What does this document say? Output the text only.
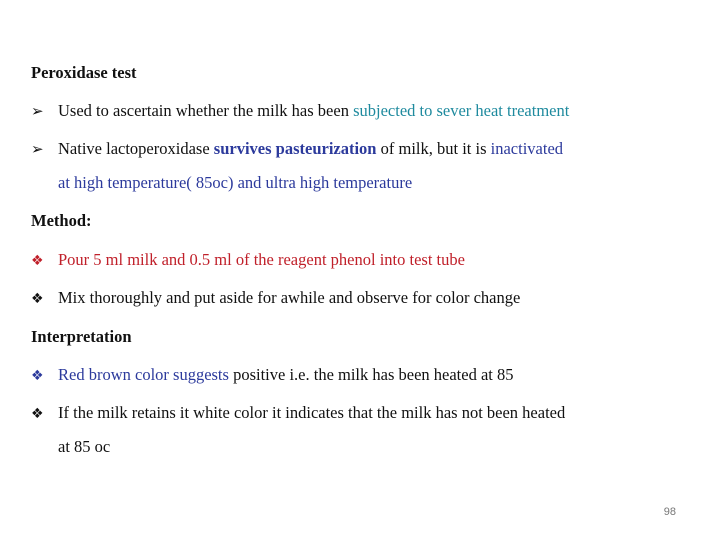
Peroxidase test
➢ Used to ascertain whether the milk has been subjected to sever heat treatment
➢ Native lactoperoxidase survives pasteurization of milk, but it is inactivated
at high temperature( 85oc) and ultra high temperature
Method:
❖ Pour 5 ml milk and 0.5 ml of the reagent phenol into test tube
❖ Mix thoroughly and put aside for awhile and observe for color change
Interpretation
❖ Red brown color suggests positive i.e. the milk has been heated at 85
❖ If the milk retains it white color it indicates that the milk has not been heated
at 85 oc
98
